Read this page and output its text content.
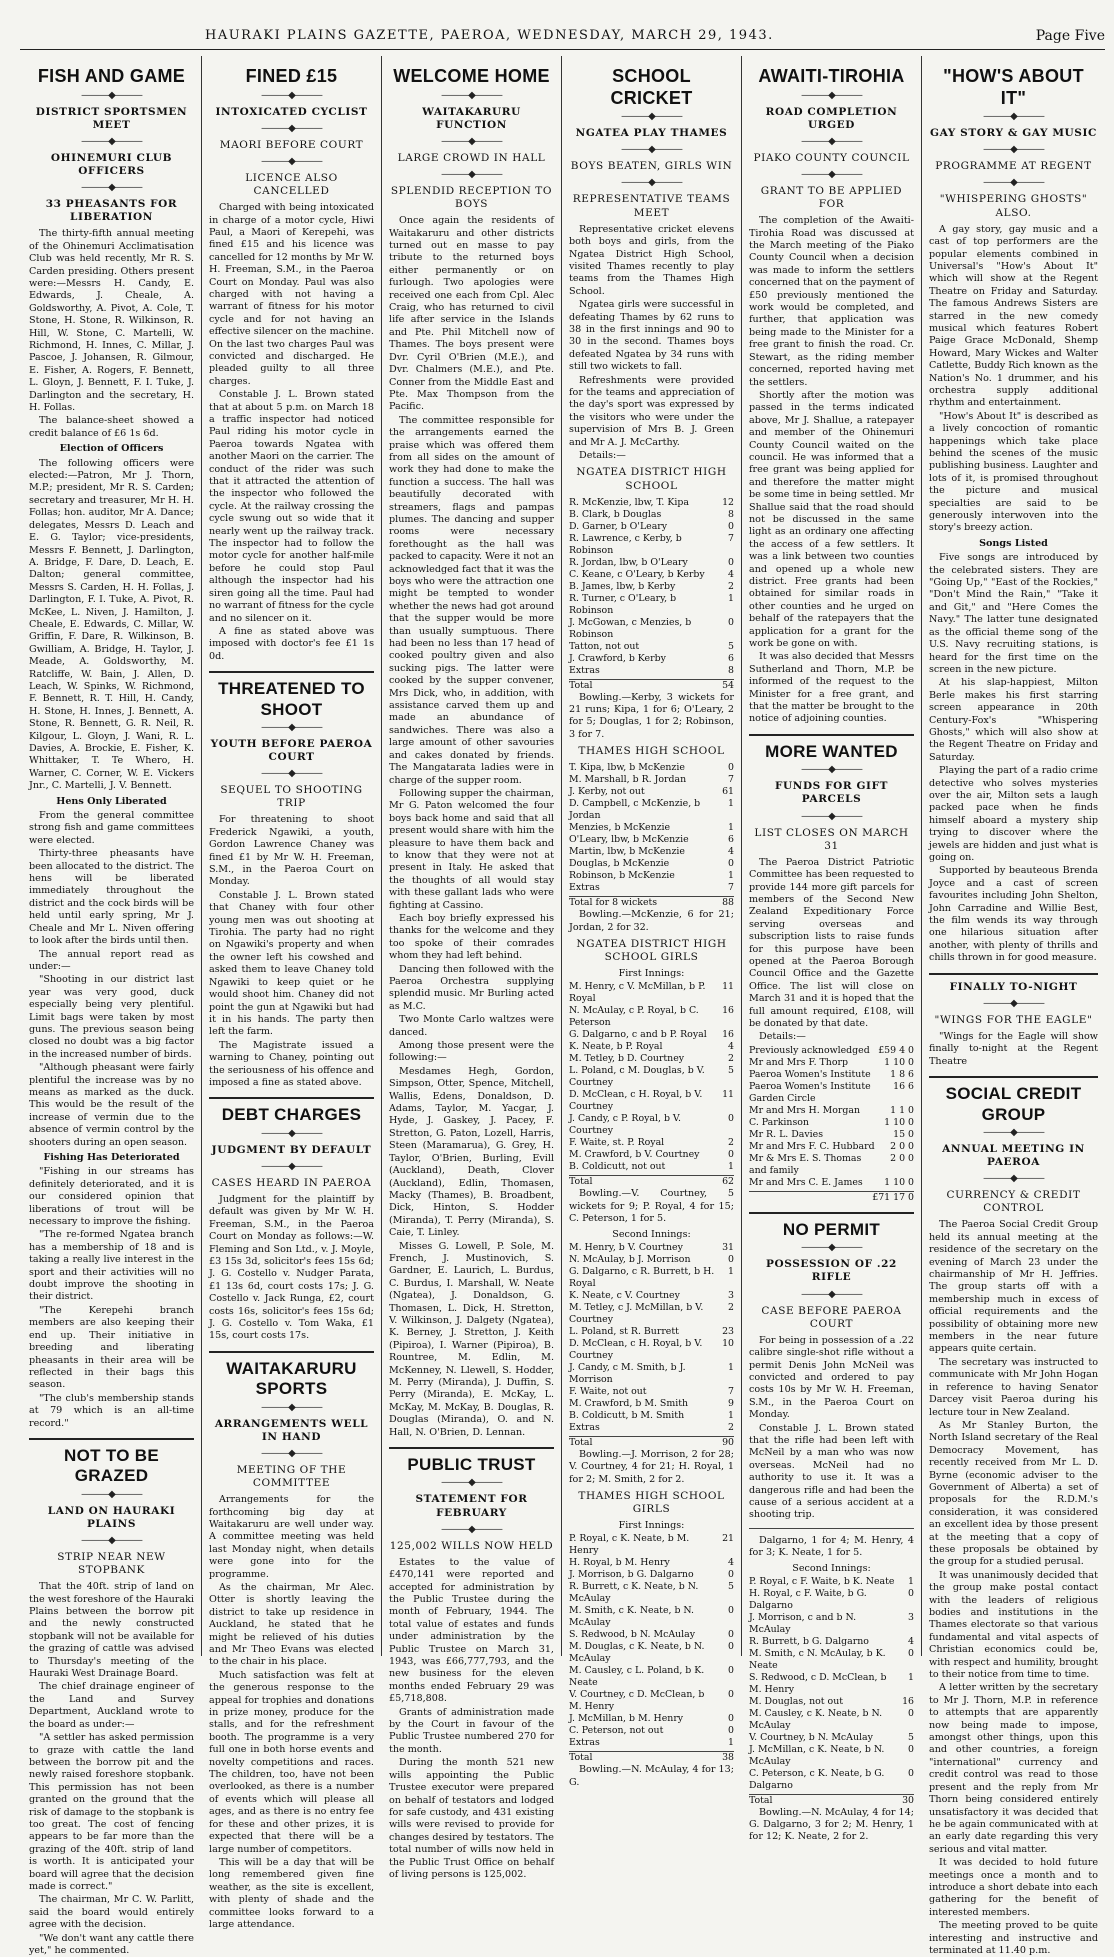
HAURAKI PLAINS GAZETTE, PAEROA, WEDNESDAY, MARCH 29, 1943.	Page Five
FISH AND GAME
———◆———
DISTRICT SPORTSMEN MEET
———◆———
OHINEMURI CLUB OFFICERS
———◆———
33 PHEASANTS FOR LIBERATION

The thirty-fifth annual meeting of the Ohinemuri Acclimatisation Club was held recently, Mr R. S. Carden presiding. Others present were:—Messrs H. Candy, E. Edwards, J. Cheale, A. Goldsworthy, A. Pivot, A. Cole, T. Stone, H. Stone, R. Wilkinson, R. Hill, W. Stone, C. Martelli, W. Richmond, H. Innes, C. Millar, J. Pascoe, J. Johansen, R. Gilmour, E. Fisher, A. Rogers, F. Bennett, L. Gloyn, J. Bennett, F. I. Tuke, J. Darlington and the secretary, H. H. Follas.

The balance-sheet showed a credit balance of £6 1s 6d.

Election of Officers

The following officers were elected:—Patron, Mr J. Thorn, M.P.; president, Mr R. S. Carden; secretary and treasurer, Mr H. H. Follas; hon. auditor, Mr A. Dance; delegates, Messrs D. Leach and E. G. Taylor; vice-presidents, Messrs F. Bennett, J. Darlington, A. Bridge, F. Dare, D. Leach, E. Dalton; general committee, Messrs S. Carden, H. H. Follas, J. Darlington, F. I. Tuke, A. Pivot, R. McKee, L. Niven, J. Hamilton, J. Cheale, E. Edwards, C. Millar, W. Griffin, F. Dare, R. Wilkinson, B. Gwilliam, A. Bridge, H. Taylor, J. Meade, A. Goldsworthy, M. Ratcliffe, W. Bain, J. Allen, D. Leach, W. Spinks, W. Richmond, F. Bennett, R. T. Hill, H. Candy, H. Stone, H. Innes, J. Bennett, A. Stone, R. Bennett, G. R. Neil, R. Kilgour, L. Gloyn, J. Wani, R. L. Davies, A. Brockie, E. Fisher, K. Whittaker, T. Te Whero, H. Warner, C. Corner, W. E. Vickers Jnr., C. Martelli, J. V. Bennett.

Hens Only Liberated

From the general committee strong fish and game committees were elected.

Thirty-three pheasants have been allocated to the district. The hens will be liberated immediately throughout the district and the cock birds will be held until early spring, Mr J. Cheale and Mr L. Niven offering to look after the birds until then.

The annual report read as under:—

"Shooting in our district last year was very good, duck especially being very plentiful. Limit bags were taken by most guns. The previous season being closed no doubt was a big factor in the increased number of birds.

"Although pheasant were fairly plentiful the increase was by no means as marked as the duck. This would be the result of the increase of vermin due to the absence of vermin control by the shooters during an open season.

Fishing Has Deteriorated

"Fishing in our streams has definitely deteriorated, and it is our considered opinion that liberations of trout will be necessary to improve the fishing.

"The re-formed Ngatea branch has a membership of 18 and is taking a really live interest in the sport and their activities will no doubt improve the shooting in their district.

"The Kerepehi branch members are also keeping their end up. Their initiative in breeding and liberating pheasants in their area will be reflected in their bags this season.

"The club's membership stands at 79 which is an all-time record."

NOT TO BE GRAZED
———◆———
LAND ON HAURAKI PLAINS
———◆———
STRIP NEAR NEW STOPBANK

That the 40ft. strip of land on the west foreshore of the Hauraki Plains between the borrow pit and the newly constructed stopbank will not be available for the grazing of cattle was advised to Thursday's meeting of the Hauraki West Drainage Board.

The chief drainage engineer of the Land and Survey Department, Auckland wrote to the board as under:—

"A settler has asked permission to graze with cattle the land between the borrow pit and the newly raised foreshore stopbank. This permission has not been granted on the ground that the risk of damage to the stopbank is too great. The cost of fencing appears to be far more than the grazing of the 40ft. strip of land is worth. It is anticipated your board will agree that the decision made is correct."

The chairman, Mr C. W. Parlitt, said the board would entirely agree with the decision.

"We don't want any cattle there yet," he commented.

FINED £15
———◆———
INTOXICATED CYCLIST
———◆———
MAORI BEFORE COURT
———◆———
LICENCE ALSO CANCELLED

Charged with being intoxicated in charge of a motor cycle, Hiwi Paul, a Maori of Kerepehi, was fined £15 and his licence was cancelled for 12 months by Mr W. H. Freeman, S.M., in the Paeroa Court on Monday. Paul was also charged with not having a warrant of fitness for his motor cycle and for not having an effective silencer on the machine. On the last two charges Paul was convicted and discharged. He pleaded guilty to all three charges.

Constable J. L. Brown stated that at about 5 p.m. on March 18 a traffic inspector had noticed Paul riding his motor cycle in Paeroa towards Ngatea with another Maori on the carrier. The conduct of the rider was such that it attracted the attention of the inspector who followed the cycle. At the railway crossing the cycle swung out so wide that it nearly went up the railway track. The inspector had to follow the motor cycle for another half-mile before he could stop Paul although the inspector had his siren going all the time. Paul had no warrant of fitness for the cycle and no silencer on it.

A fine as stated above was imposed with doctor's fee £1 1s 0d.

THREATENED TO SHOOT
———◆———
YOUTH BEFORE PAEROA COURT
———◆———
SEQUEL TO SHOOTING TRIP

For threatening to shoot Frederick Ngawiki, a youth, Gordon Lawrence Chaney was fined £1 by Mr W. H. Freeman, S.M., in the Paeroa Court on Monday.

Constable J. L. Brown stated that Chaney with four other young men was out shooting at Tirohia. The party had no right on Ngawiki's property and when the owner left his cowshed and asked them to leave Chaney told Ngawiki to keep quiet or he would shoot him. Chaney did not point the gun at Ngawiki but had it in his hands. The party then left the farm.

The Magistrate issued a warning to Chaney, pointing out the seriousness of his offence and imposed a fine as stated above.

DEBT CHARGES
———◆———
JUDGMENT BY DEFAULT
———◆———
CASES HEARD IN PAEROA

Judgment for the plaintiff by default was given by Mr W. H. Freeman, S.M., in the Paeroa Court on Monday as follows:—W. Fleming and Son Ltd., v. J. Moyle, £3 15s 3d, solicitor's fees 15s 6d; J. G. Costello v. Nudger Parata, £1 13s 6d, court costs 17s; J. G. Costello v. Jack Runga, £2, court costs 16s, solicitor's fees 15s 6d; J. G. Costello v. Tom Waka, £1 15s, court costs 17s.

WAITAKARURU SPORTS
———◆———
ARRANGEMENTS WELL IN HAND
———◆———
MEETING OF THE COMMITTEE

Arrangements for the forthcoming big day at Waitakaruru are well under way. A committee meeting was held last Monday night, when details were gone into for the programme.

As the chairman, Mr Alec. Otter is shortly leaving the district to take up residence in Auckland, he stated that he might be relieved of his duties and Mr Theo Evans was elected to the chair in his place.

Much satisfaction was felt at the generous response to the appeal for trophies and donations in prize money, produce for the stalls, and for the refreshment booth. The programme is a very full one in both horse events and novelty competitions and races. The children, too, have not been overlooked, as there is a number of events which will please all ages, and as there is no entry fee for these and other prizes, it is expected that there will be a large number of competitors.

This will be a day that will be long remembered given fine weather, as the site is excellent, with plenty of shade and the committee looks forward to a large attendance.

WELCOME HOME
———◆———
WAITAKARURU FUNCTION
———◆———
LARGE CROWD IN HALL
———◆———
SPLENDID RECEPTION TO BOYS

Once again the residents of Waitakaruru and other districts turned out en masse to pay tribute to the returned boys either permanently or on furlough. Two apologies were received one each from Cpl. Alec Craig, who has returned to civil life after service in the Islands and Pte. Phil Mitchell now of Thames. The boys present were Dvr. Cyril O'Brien (M.E.), and Dvr. Chalmers (M.E.), and Pte. Conner from the Middle East and Pte. Max Thompson from the Pacific.

The committee responsible for the arrangements earned the praise which was offered them from all sides on the amount of work they had done to make the function a success. The hall was beautifully decorated with streamers, flags and pampas plumes. The dancing and supper rooms were necessary forethought as the hall was packed to capacity. Were it not an acknowledged fact that it was the boys who were the attraction one might be tempted to wonder whether the news had got around that the supper would be more than usually sumptuous. There had been no less than 17 head of cooked poultry given and also sucking pigs. The latter were cooked by the supper convener, Mrs Dick, who, in addition, with assistance carved them up and made an abundance of sandwiches. There was also a large amount of other savouries and cakes donated by friends. The Mangatarata ladies were in charge of the supper room.

Following supper the chairman, Mr G. Paton welcomed the four boys back home and said that all present would share with him the pleasure to have them back and to know that they were not at present in Italy. He asked that the thoughts of all would stay with these gallant lads who were fighting at Cassino.

Each boy briefly expressed his thanks for the welcome and they too spoke of their comrades whom they had left behind.

Dancing then followed with the Paeroa Orchestra supplying splendid music. Mr Burling acted as M.C.

Two Monte Carlo waltzes were danced.

Among those present were the following:—

Mesdames Hegh, Gordon, Simpson, Otter, Spence, Mitchell, Wallis, Edens, Donaldson, D. Adams, Taylor, M. Yacgar, J. Hyde, J. Gaskey, J. Pacey, F. Stretton, G. Paton, Lozell, Harris, Steen (Maramarua), G. Grey, H. Taylor, O'Brien, Burling, Evill (Auckland), Death, Clover (Auckland), Edlin, Thomasen, Macky (Thames), B. Broadbent, Dick, Hinton, S. Hodder (Miranda), T. Perry (Miranda), S. Caie, T. Linley.

Misses G. Lowell, P. Sole, M. French, J. Mustinovich, S. Gardner, E. Laurich, L. Burdus, C. Burdus, I. Marshall, W. Neate (Ngatea), J. Donaldson, G. Thomasen, L. Dick, H. Stretton, V. Wilkinson, J. Dalgety (Ngatea), K. Berney, J. Stretton, J. Keith (Pipiroa), I. Warner (Pipiroa), B. Rountree, M. Edlin, M. McKenney, N. Llewell, S. Hodder, M. Perry (Miranda), J. Duffin, S. Perry (Miranda), E. McKay, L. McKay, M. McKay, B. Douglas, R. Douglas (Miranda), O. and N. Hall, N. O'Brien, D. Lennan.

PUBLIC TRUST
———◆———
STATEMENT FOR FEBRUARY
———◆———
125,002 WILLS NOW HELD

Estates to the value of £470,141 were reported and accepted for administration by the Public Trustee during the month of February, 1944. The total value of estates and funds under administration by the Public Trustee on March 31, 1943, was £66,777,793, and the new business for the eleven months ended February 29 was £5,718,808.

Grants of administration made by the Court in favour of the Public Trustee numbered 270 for the month.

During the month 521 new wills appointing the Public Trustee executor were prepared on behalf of testators and lodged for safe custody, and 431 existing wills were revised to provide for changes desired by testators. The total number of wills now held in the Public Trust Office on behalf of living persons is 125,002.

SCHOOL CRICKET
———◆———
NGATEA PLAY THAMES
———◆———
BOYS BEATEN, GIRLS WIN
———◆———
REPRESENTATIVE TEAMS MEET

Representative cricket elevens both boys and girls, from the Ngatea District High School, visited Thames recently to play teams from the Thames High School.

Ngatea girls were successful in defeating Thames by 62 runs to 38 in the first innings and 90 to 30 in the second. Thames boys defeated Ngatea by 34 runs with still two wickets to fall.

Refreshments were provided for the teams and appreciation of the day's sport was expressed by the visitors who were under the supervision of Mrs B. J. Green and Mr A. J. McCarthy.

Details:—

NGATEA DISTRICT HIGH SCHOOL
R. McKenzie, lbw, T. Kipa	12
B. Clark, b Douglas	8
D. Garner, b O'Leary	0
R. Lawrence, c Kerby, b Robinson	7
R. Jordan, lbw, b O'Leary	0
C. Keane, c O'Leary, b Kerby	4
B. James, lbw, b Kerby	2
R. Turner, c O'Leary, b Robinson	1
J. McGowan, c Menzies, b Robinson	0
Tatton, not out	5
J. Crawford, b Kerby	6
Extras	8
Total	54

Bowling.—Kerby, 3 wickets for 21 runs; Kipa, 1 for 6; O'Leary, 2 for 5; Douglas, 1 for 2; Robinson, 3 for 7.

THAMES HIGH SCHOOL
T. Kipa, lbw, b McKenzie	0
M. Marshall, b R. Jordan	7
J. Kerby, not out	61
D. Campbell, c McKenzie, b Jordan	1
Menzies, b McKenzie	1
O'Leary, lbw, b McKenzie	6
Martin, lbw, b McKenzie	4
Douglas, b McKenzie	0
Robinson, b McKenzie	1
Extras	7
Total for 8 wickets	88

Bowling.—McKenzie, 6 for 21; Jordan, 2 for 32.

NGATEA DISTRICT HIGH SCHOOL GIRLS
First Innings:
M. Henry, c V. McMillan, b P. Royal	11
N. McAulay, c P. Royal, b C. Peterson	16
G. Dalgarno, c and b P. Royal	16
K. Neate, b P. Royal	4
M. Tetley, b D. Courtney	2
L. Poland, c M. Douglas, b V. Courtney	5
D. McClean, c H. Royal, b V. Courtney	11
J. Candy, c P. Royal, b V. Courtney	0
F. Waite, st. P. Royal	2
M. Crawford, b V. Courtney	0
B. Coldicutt, not out	1
Total	62

Bowling.—V. Courtney, 5 wickets for 9; P. Royal, 4 for 15; C. Peterson, 1 for 5.

Second Innings:
M. Henry, b V. Courtney	31
N. McAulay, b J. Morrison	0
G. Dalgarno, c R. Burrett, b H. Royal	1
K. Neate, c V. Courtney	3
M. Tetley, c J. McMillan, b V. Courtney	2
L. Poland, st R. Burrett	23
D. McClean, c H. Royal, b V. Courtney	10
J. Candy, c M. Smith, b J. Morrison	1
F. Waite, not out	7
M. Crawford, b M. Smith	9
B. Coldicutt, b M. Smith	1
Extras	2
Total	90

Bowling.—J. Morrison, 2 for 28; V. Courtney, 4 for 21; H. Royal, 1 for 2; M. Smith, 2 for 2.

THAMES HIGH SCHOOL GIRLS
First Innings:
P. Royal, c K. Neate, b M. Henry	21
H. Royal, b M. Henry	4
J. Morrison, b G. Dalgarno	0
R. Burrett, c K. Neate, b N. McAulay	5
M. Smith, c K. Neate, b N. McAulay	0
S. Redwood, b N. McAulay	0
M. Douglas, c K. Neate, b N. McAulay	0
M. Causley, c L. Poland, b K. Neate	0
V. Courtney, c D. McClean, b M. Henry	0
J. McMillan, b M. Henry	0
C. Peterson, not out	0
Extras	1
Total	38

Bowling.—N. McAulay, 4 for 13; G.

AWAITI-TIROHIA
———◆———
ROAD COMPLETION URGED
———◆———
PIAKO COUNTY COUNCIL
———◆———
GRANT TO BE APPLIED FOR

The completion of the Awaiti-Tirohia Road was discussed at the March meeting of the Piako County Council when a decision was made to inform the settlers concerned that on the payment of £50 previously mentioned the work would be completed, and further, that application was being made to the Minister for a free grant to finish the road. Cr. Stewart, as the riding member concerned, reported having met the settlers.

Shortly after the motion was passed in the terms indicated above, Mr J. Shallue, a ratepayer and member of the Ohinemuri County Council waited on the council. He was informed that a free grant was being applied for and therefore the matter might be some time in being settled. Mr Shallue said that the road should not be discussed in the same light as an ordinary one affecting the access of a few settlers. It was a link between two counties and opened up a whole new district. Free grants had been obtained for similar roads in other counties and he urged on behalf of the ratepayers that the application for a grant for the work be gone on with.

It was also decided that Messrs Sutherland and Thorn, M.P. be informed of the request to the Minister for a free grant, and that the matter be brought to the notice of adjoining counties.

MORE WANTED
———◆———
FUNDS FOR GIFT PARCELS
———◆———
LIST CLOSES ON MARCH 31

The Paeroa District Patriotic Committee has been requested to provide 144 more gift parcels for members of the Second New Zealand Expeditionary Force serving overseas and subscription lists to raise funds for this purpose have been opened at the Paeroa Borough Council Office and the Gazette Office. The list will close on March 31 and it is hoped that the full amount required, £108, will be donated by that date.

Details:—

Previously acknowledged	£59 4 0
Mr and Mrs F. Thorp	1 10 0
Paeroa Women's Institute	1 8 6
Paeroa Women's Institute Garden Circle	16 6
Mr and Mrs H. Morgan	1 1 0
C. Parkinson	1 10 0
Mr R. L. Davies	15 0
Mr and Mrs F. C. Hubbard	2 0 0
Mr & Mrs E. S. Thomas and family	2 0 0
Mr and Mrs C. E. James	1 10 0
	£71 17 0
NO PERMIT
———◆———
POSSESSION OF .22 RIFLE
———◆———
CASE BEFORE PAEROA COURT

For being in possession of a .22 calibre single-shot rifle without a permit Denis John McNeil was convicted and ordered to pay costs 10s by Mr W. H. Freeman, S.M., in the Paeroa Court on Monday.

Constable J. L. Brown stated that the rifle had been left with McNeil by a man who was now overseas. McNeil had no authority to use it. It was a dangerous rifle and had been the cause of a serious accident at a shooting trip.

Dalgarno, 1 for 4; M. Henry, 4 for 3; K. Neate, 1 for 5.

Second Innings:
P. Royal, c F. Waite, b K. Neate	1
H. Royal, c F. Waite, b G. Dalgarno	0
J. Morrison, c and b N. McAulay	3
R. Burrett, b G. Dalgarno	4
M. Smith, c N. McAulay, b K. Neate	0
S. Redwood, c D. McClean, b M. Henry	1
M. Douglas, not out	16
M. Causley, c K. Neate, b N. McAulay	0
V. Courtney, b N. McAulay	5
J. McMillan, c K. Neate, b N. McAulay	0
C. Peterson, c K. Neate, b G. Dalgarno	0
Total	30

Bowling.—N. McAulay, 4 for 14; G. Dalgarno, 3 for 2; M. Henry, 1 for 12; K. Neate, 2 for 2.

"HOW'S ABOUT IT"
———◆———
GAY STORY & GAY MUSIC
———◆———
PROGRAMME AT REGENT
———◆———
"WHISPERING GHOSTS" ALSO.

A gay story, gay music and a cast of top performers are the popular elements combined in Universal's "How's About It" which will show at the Regent Theatre on Friday and Saturday. The famous Andrews Sisters are starred in the new comedy musical which features Robert Paige Grace McDonald, Shemp Howard, Mary Wickes and Walter Catlette, Buddy Rich known as the Nation's No. 1 drummer, and his orchestra supply additional rhythm and entertainment.

"How's About It" is described as a lively concoction of romantic happenings which take place behind the scenes of the music publishing business. Laughter and lots of it, is promised throughout the picture and musical specialties are said to be generously interwoven into the story's breezy action.

Songs Listed

Five songs are introduced by the celebrated sisters. They are "Going Up," "East of the Rockies," "Don't Mind the Rain," "Take it and Git," and "Here Comes the Navy." The latter tune designated as the official theme song of the U.S. Navy recruiting stations, is heard for the first time on the screen in the new picture.

At his slap-happiest, Milton Berle makes his first starring screen appearance in 20th Century-Fox's "Whispering Ghosts," which will also show at the Regent Theatre on Friday and Saturday.

Playing the part of a radio crime detective who solves mysteries over the air, Milton sets a laugh packed pace when he finds himself aboard a mystery ship trying to discover where the jewels are hidden and just what is going on.

Supported by beauteous Brenda Joyce and a cast of screen favourites including John Shelton, John Carradine and Willie Best, the film wends its way through one hilarious situation after another, with plenty of thrills and chills thrown in for good measure.

FINALLY TO-NIGHT
———◆———
"WINGS FOR THE EAGLE"

"Wings for the Eagle will show finally to-night at the Regent Theatre

SOCIAL CREDIT GROUP
———◆———
ANNUAL MEETING IN PAEROA
———◆———
CURRENCY & CREDIT CONTROL

The Paeroa Social Credit Group held its annual meeting at the residence of the secretary on the evening of March 23 under the chairmanship of Mr H. Jeffries. The group starts off with a membership much in excess of official requirements and the possibility of obtaining more new members in the near future appears quite certain.

The secretary was instructed to communicate with Mr John Hogan in reference to having Senator Darcey visit Paeroa during his lecture tour in New Zealand.

As Mr Stanley Burton, the North Island secretary of the Real Democracy Movement, has recently received from Mr L. D. Byrne (economic adviser to the Government of Alberta) a set of proposals for the R.D.M.'s consideration, it was considered an excellent idea by those present at the meeting that a copy of these proposals be obtained by the group for a studied perusal.

It was unanimously decided that the group make postal contact with the leaders of religious bodies and institutions in the Thames electorate so that various fundamental and vital aspects of Christian economics could be, with respect and humility, brought to their notice from time to time.

A letter written by the secretary to Mr J. Thorn, M.P. in reference to attempts that are apparently now being made to impose, amongst other things, upon this and other countries, a foreign "international" currency and credit control was read to those present and the reply from Mr Thorn being considered entirely unsatisfactory it was decided that he be again communicated with at an early date regarding this very serious and vital matter.

It was decided to hold future meetings once a month and to introduce a short debate into each gathering for the benefit of interested members.

The meeting proved to be quite interesting and instructive and terminated at 11.40 p.m.
